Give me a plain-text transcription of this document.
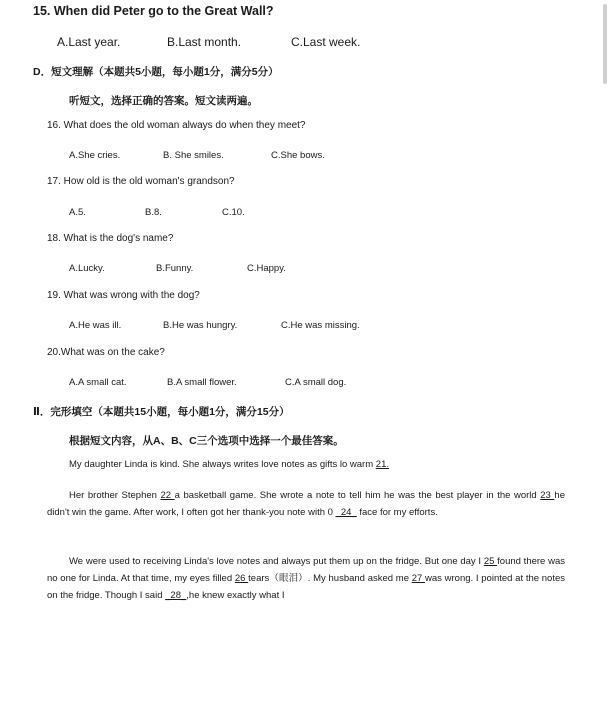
15. When did Peter go to the Great Wall?
A.Last year.	B.Last month.	C.Last week.
D．短文理解（本题共5小题，每小题1分，满分5分）
听短文，选择正确的答案。短文读两遍。
16. What does the old woman always do when they meet?
A.She cries.	B. She smiles.	C.She bows.
17. How old is the old woman's grandson?
A.5.	B.8.	C.10.
18. What is the dog's name?
A.Lucky.	B.Funny.	C.Happy.
19. What was wrong with the dog?
A.He was ill.	B.He was hungry.	C.He was missing.
20.What was on the cake?
A.A small cat.	B.A small flower.	C.A small dog.
Ⅱ．完形填空（本题共15小题，每小题1分，满分15分）
根据短文内容，从A、B、C三个选项中选择一个最佳答案。
My daughter Linda is kind. She always writes love notes as gifts lo warm 21.
Her brother Stephen 22 a basketball game. She wrote a note to tell him he was the best player in the world 23 he didn't win the game. After work, I often got her thank-you note with 0 _24_ face for my efforts.
We were used to receiving Linda's love notes and always put them up on the fridge. But one day I 25 found there was no one for Linda. At that time, my eyes filled 26 tears（眼泪）. My husband asked me 27 was wrong. I pointed at the notes on the fridge. Though I said _28_,he knew exactly what I
